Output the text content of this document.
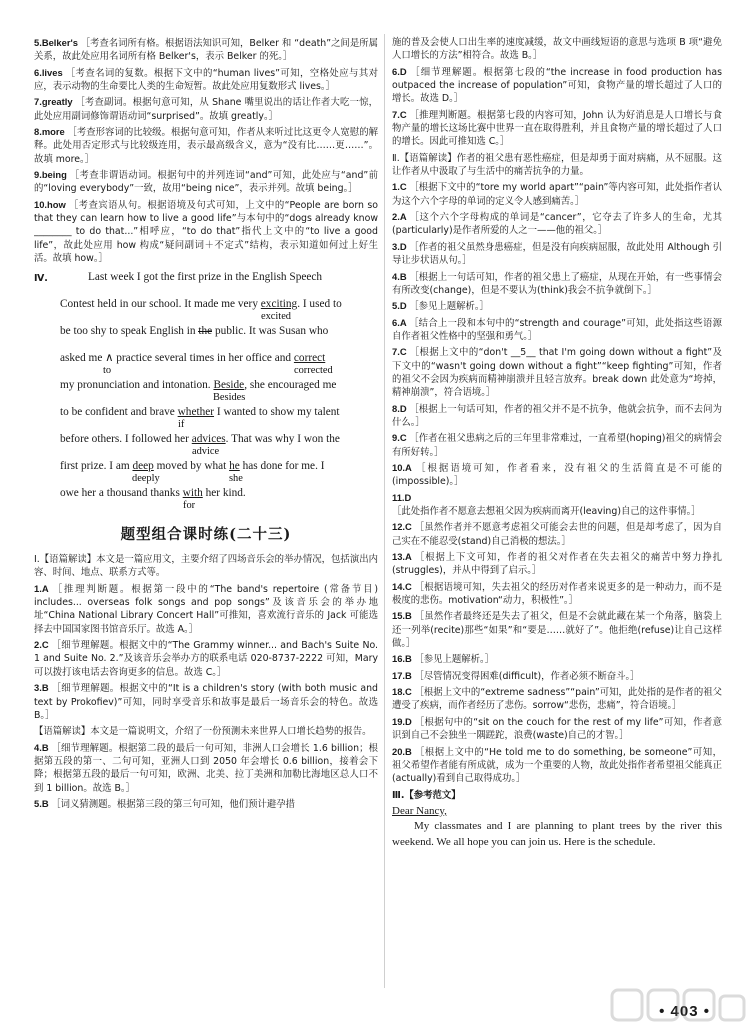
5.Belker's ［考查名词所有格。根据语法知识可知，Belker 和 “death”之间是所属关系，故此处应用名词所有格 Belker's，表示 Belker 的死。］

6.lives ［考查名词的复数。根据下文中的“human lives”可知，空格处应与其对应，表示动物的生命要比人类的生命短暂。故此处应用复数形式 lives。］

7.greatly ［考查副词。根据句意可知，从 Shane 嘴里说出的话让作者大吃一惊，此处应用副词修饰谓语动词“surprised”。故填 greatly。］

8.more ［考查形容词的比较级。根据句意可知，作者从来听过比这更令人宽慰的解释。此处用否定形式与比较级连用，表示最高级含义，意为“没有比……更……”。故填 more。］

9.being ［考查非谓语动词。根据句中的并列连词“and”可知，此处应与“and”前的“loving everybody”一致，故用“being nice”，表示并列。故填 being。］

10.how ［考查宾语从句。根据语境及句式可知，上文中的“People are born so that they can learn how to live a good life”与本句中的“dogs already know ________ to do that...”相呼应，“to do that”指代上文中的“to live a good life”，故此处应用 how 构成“疑问副词＋不定式”结构，表示知道如何过上好生活。故填 how。］

Ⅳ.	Last week I got the first prize in the English Speech
Contest held in our school. It made me very exciting. I used to
excited
be too shy to speak English in the
public. It was Susan who
asked me ∧ practice several times in her office and correct
corrected
to
my pronunciation and intonation. Beside, she encouraged me
Besides
to be confident and brave whether I wanted to show my talent
if
before others. I followed her advices. That was why I won the
advice
first prize. I am deep moved by what he has done for me. I
deeply	she
owe her a thousand thanks with her kind.
for
题型组合课时练(二十三)

Ⅰ.【语篇解读】本文是一篇应用文，主要介绍了四场音乐会的举办情况，包括演出内容、时间、地点、联系方式等。

1.A ［推理判断题。根据第一段中的“The band's repertoire (常备节目) includes... overseas folk songs and pop songs”及该音乐会的举办地址“China National Library Concert Hall”可推知，喜欢流行音乐的 Jack 可能选择去中国国家图书馆音乐厅。故选 A。］

2.C ［细节理解题。根据文中的“The Grammy winner... and Bach's Suite No. 1 and Suite No. 2.”及该音乐会举办方的联系电话 020-8737-2222 可知，Mary 可以拨打该电话去咨询更多的信息。故选 C。］

3.B ［细节理解题。根据文中的“It is a children's story (with both music and text by Prokofiev)”可知，同时享受音乐和故事是最后一场音乐会的特色。故选 B。］

【语篇解读】本文是一篇说明文，介绍了一份预测未来世界人口增长趋势的报告。

4.B ［细节理解题。根据第二段的最后一句可知，非洲人口会增长 1.6 billion；根据第五段的第一、二句可知，亚洲人口到 2050 年会增长 0.6 billion，接着会下降；根据第五段的最后一句可知，欧洲、北美、拉丁美洲和加勒比海地区总人口不到 1 billion。故选 B。］

5.B ［词义猜测题。根据第三段的第三句可知，他们预计避孕措

施的普及会使人口出生率的速度减缓，故文中画线短语的意思与选项 B 项“避免人口增长的方法”相符合。故选 B。］

6.D ［细节理解题。根据第七段的“the increase in food production has outpaced the increase of population”可知，食物产量的增长超过了人口的增长。故选 D。］

7.C ［推理判断题。根据第七段的内容可知，John 认为好消息是人口增长与食物产量的增长这场比赛中世界一直在取得胜利，并且食物产量的增长超过了人口的增长。因此可推知选 C。］

Ⅱ.【语篇解读】作者的祖父患有恶性癌症，但是却勇于面对病痛，从不屈服。这让作者从中汲取了与生活中的痛苦抗争的力量。

1.C ［根据下文中的“tore my world apart”“pain”等内容可知，此处指作者认为这个六个字母的单词的定义令人感到痛苦。］

2.A ［这个六个字母构成的单词是“cancer”，它夺去了许多人的生命，尤其(particularly)是作者所爱的人之一——他的祖父。］

3.D ［作者的祖父虽然身患癌症，但是没有向疾病屈服，故此处用 Although 引导让步状语从句。］

4.B ［根据上一句话可知，作者的祖父患上了癌症，从现在开始，有一些事情会有所改变(change)，但是不要认为(think)我会不抗争就倒下。］

5.D ［参见上题解析。］

6.A ［结合上一段和本句中的“strength and courage”可知，此处指这些语源自作者祖父性格中的坚强和勇气。］

7.C ［根据上文中的“don't __5__ that I'm going down without a fight”及下文中的“wasn't going down without a fight”“keep fighting”可知，作者的祖父不会因为疾病而精神崩溃并且轻言放弃。break down 此处意为“垮掉，精神崩溃”，符合语境。］

8.D ［根据上一句话可知，作者的祖父并不是不抗争，他就会抗争，而不去问为什么。］

9.C ［作者在祖父患病之后的三年里非常难过，一直希望(hoping)祖父的病情会有所好转。］

10.A ［根据语境可知，作者看来，没有祖父的生活简直是不可能的(impossible)。］

11.D ［此处指作者不愿意去想祖父因为疾病而离开(leaving)自己的这件事情。］

12.C ［虽然作者并不愿意考虑祖父可能会去世的问题，但是却考虑了，因为自己实在不能忍受(stand)自己消极的想法。］

13.A ［根据上下文可知，作者的祖父对作者在失去祖父的痛苦中努力挣扎(struggles)，并从中得到了启示。］

14.C ［根据语境可知，失去祖父的经历对作者来说更多的是一种动力，而不是极度的悲伤。motivation“动力，积极性”。］

15.B ［虽然作者最终还是失去了祖父，但是不会就此藏在某一个角落，脑袋上还一列举(recite)那些“如果”和“要是……就好了”。他拒绝(refuse)让自己这样做。］

16.B ［参见上题解析。］

17.B ［尽管情况变得困难(difficult)，作者必须不断奋斗。］

18.C ［根据上文中的“extreme sadness”“pain”可知，此处指的是作者的祖父遭受了疾病，而作者经历了悲伤。sorrow“悲伤，悲痛”，符合语境。］

19.D ［根据句中的“sit on the couch for the rest of my life”可知，作者意识到自己不会独坐一隅蹉跎，浪费(waste)自己的才智。］

20.B ［根据上文中的“He told me to do something, be someone”可知，祖父希望作者能有所成就，成为一个重要的人物，故此处指作者希望祖父能真正(actually)看到自己取得成功。］

Ⅲ.【参考范文】
Dear Nancy,

My classmates and I are planning to plant trees by the river this weekend. We all hope you can join us. Here is the schedule.

• 403 •
